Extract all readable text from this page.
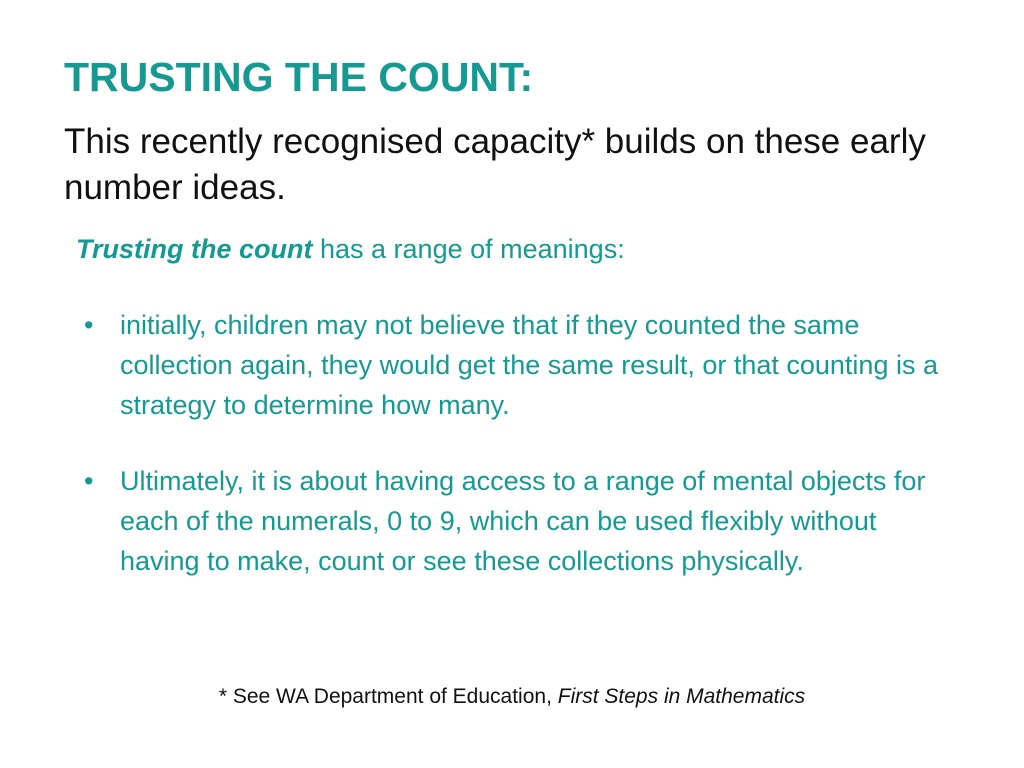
TRUSTING THE COUNT:

This recently recognised capacity* builds on these early number ideas.

Trusting the count has a range of meanings:

• initially, children may not believe that if they counted the same collection again, they would get the same result, or that counting is a strategy to determine how many.
• Ultimately, it is about having access to a range of mental objects for each of the numerals, 0 to 9, which can be used flexibly without having to make, count or see these collections physically.

* See WA Department of Education, First Steps in Mathematics
